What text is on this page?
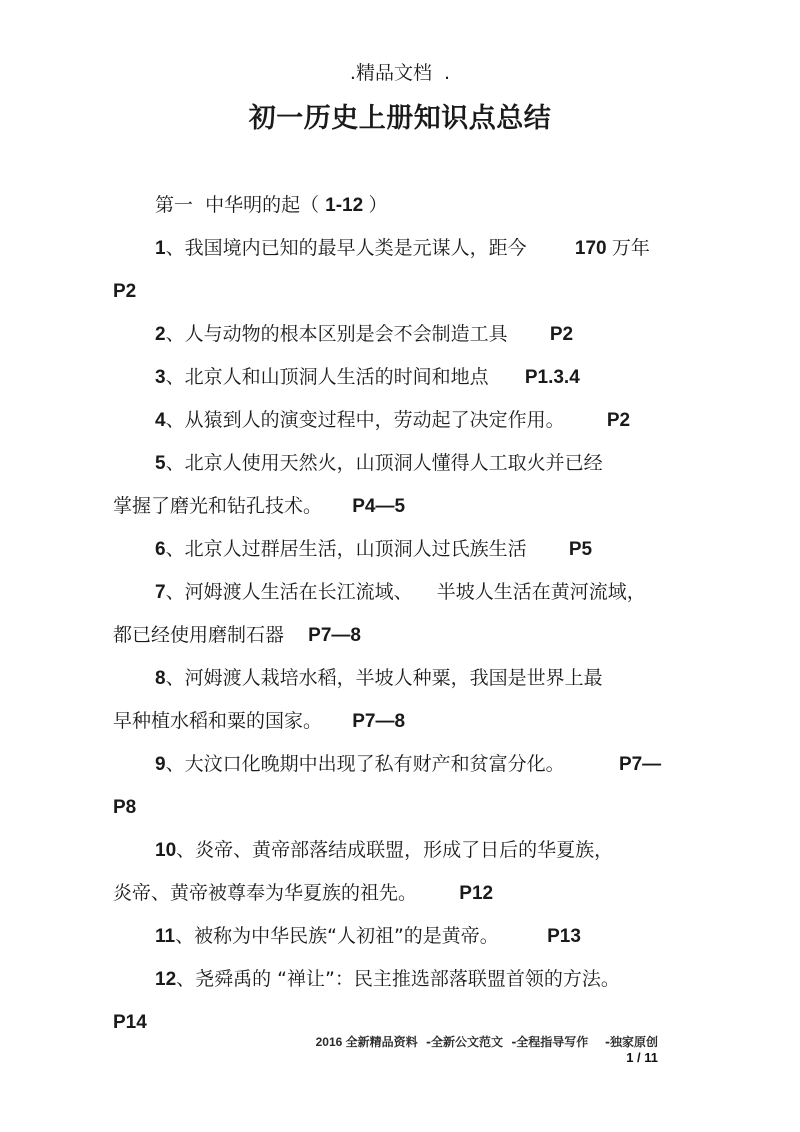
.精品文档  .
初一历史上册知识点总结
第一  中华明的起（ 1-12 ）
1、我国境内已知的最早人类是元谋人，距今        170 万年
P2
2、人与动物的根本区别是会不会制造工具       P2
3、北京人和山顶洞人生活的时间和地点      P1.3.4
4、从猿到人的演变过程中，劳动起了决定作用。       P2
5、北京人使用天然火，山顶洞人懂得人工取火并已经
掌握了磨光和钻孔技术。     P4—5
6、北京人过群居生活，山顶洞人过氏族生活       P5
7、河姆渡人生活在长江流域、    半坡人生活在黄河流域，
都已经使用磨制石器    P7—8
8、河姆渡人栽培水稻，半坡人种粟，我国是世界上最
早种植水稻和粟的国家。     P7—8
9、大汶口化晚期中出现了私有财产和贫富分化。         P7—
P8
10、炎帝、黄帝部落结成联盟，形成了日后的华夏族，
炎帝、黄帝被尊奉为华夏族的祖先。       P12
11、被称为中华民族“人初祖”的是黄帝。        P13
12、尧舜禹的 “禅让”：民主推选部落联盟首领的方法。
P14
2016 全新精品资料  -全新公文范文  -全程指导写作    -独家原创
1 / 11
